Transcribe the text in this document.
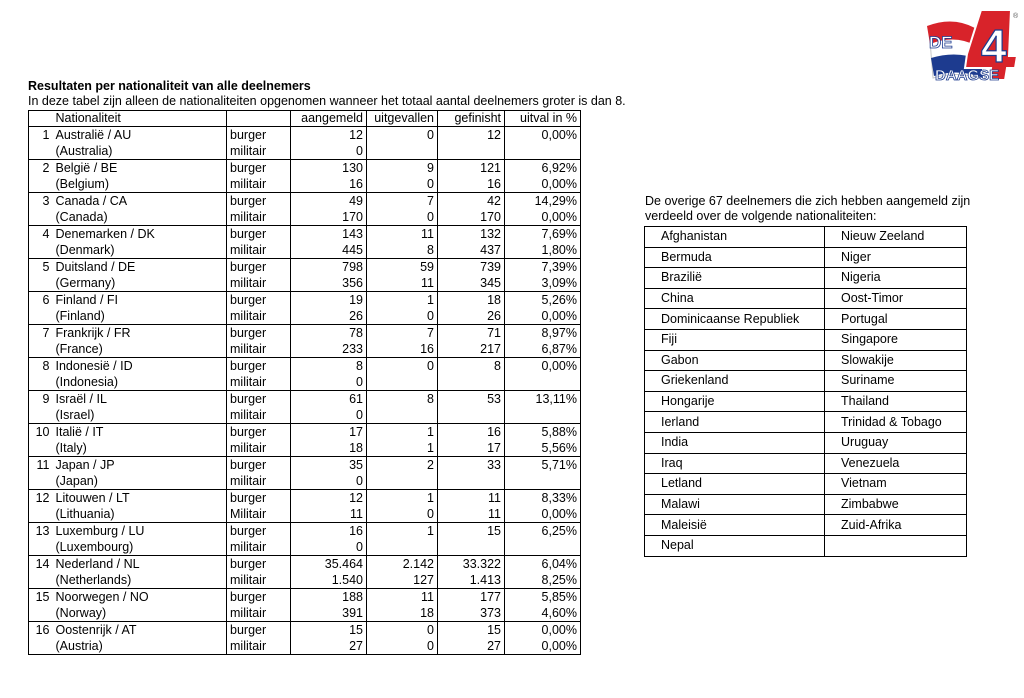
DE 4
DAAGSE
®
Resultaten per nationaliteit van alle deelnemers
In deze tabel zijn alleen de nationaliteiten opgenomen wanneer het totaal aantal deelnemers groter is dan 8.
	Nationaliteit		aangemeld	uitgevallen	gefinisht	uitval in %
1	Australië / AU	burger	12	0	12	0,00%
	(Australia)	militair	0			
2	België / BE	burger	130	9	121	6,92%
	(Belgium)	militair	16	0	16	0,00%
3	Canada / CA	burger	49	7	42	14,29%
	(Canada)	militair	170	0	170	0,00%
4	Denemarken / DK	burger	143	11	132	7,69%
	(Denmark)	militair	445	8	437	1,80%
5	Duitsland / DE	burger	798	59	739	7,39%
	(Germany)	militair	356	11	345	3,09%
6	Finland / FI	burger	19	1	18	5,26%
	(Finland)	militair	26	0	26	0,00%
7	Frankrijk / FR	burger	78	7	71	8,97%
	(France)	militair	233	16	217	6,87%
8	Indonesië / ID	burger	8	0	8	0,00%
	(Indonesia)	militair	0			
9	Israël / IL	burger	61	8	53	13,11%
	(Israel)	militair	0			
10	Italië / IT	burger	17	1	16	5,88%
	(Italy)	militair	18	1	17	5,56%
11	Japan / JP	burger	35	2	33	5,71%
	(Japan)	militair	0			
12	Litouwen / LT	burger	12	1	11	8,33%
	(Lithuania)	Militair	11	0	11	0,00%
13	Luxemburg / LU	burger	16	1	15	6,25%
	(Luxembourg)	militair	0			
14	Nederland / NL	burger	35.464	2.142	33.322	6,04%
	(Netherlands)	militair	1.540	127	1.413	8,25%
15	Noorwegen / NO	burger	188	11	177	5,85%
	(Norway)	militair	391	18	373	4,60%
16	Oostenrijk / AT	burger	15	0	15	0,00%
	(Austria)	militair	27	0	27	0,00%
De overige 67 deelnemers die zich hebben aangemeld zijn
verdeeld over de volgende nationaliteiten:
Afghanistan	Nieuw Zeeland
Bermuda	Niger
Brazilië	Nigeria
China	Oost-Timor
Dominicaanse Republiek	Portugal
Fiji	Singapore
Gabon	Slowakije
Griekenland	Suriname
Hongarije	Thailand
Ierland	Trinidad & Tobago
India	Uruguay
Iraq	Venezuela
Letland	Vietnam
Malawi	Zimbabwe
Maleisië	Zuid-Afrika
Nepal	
